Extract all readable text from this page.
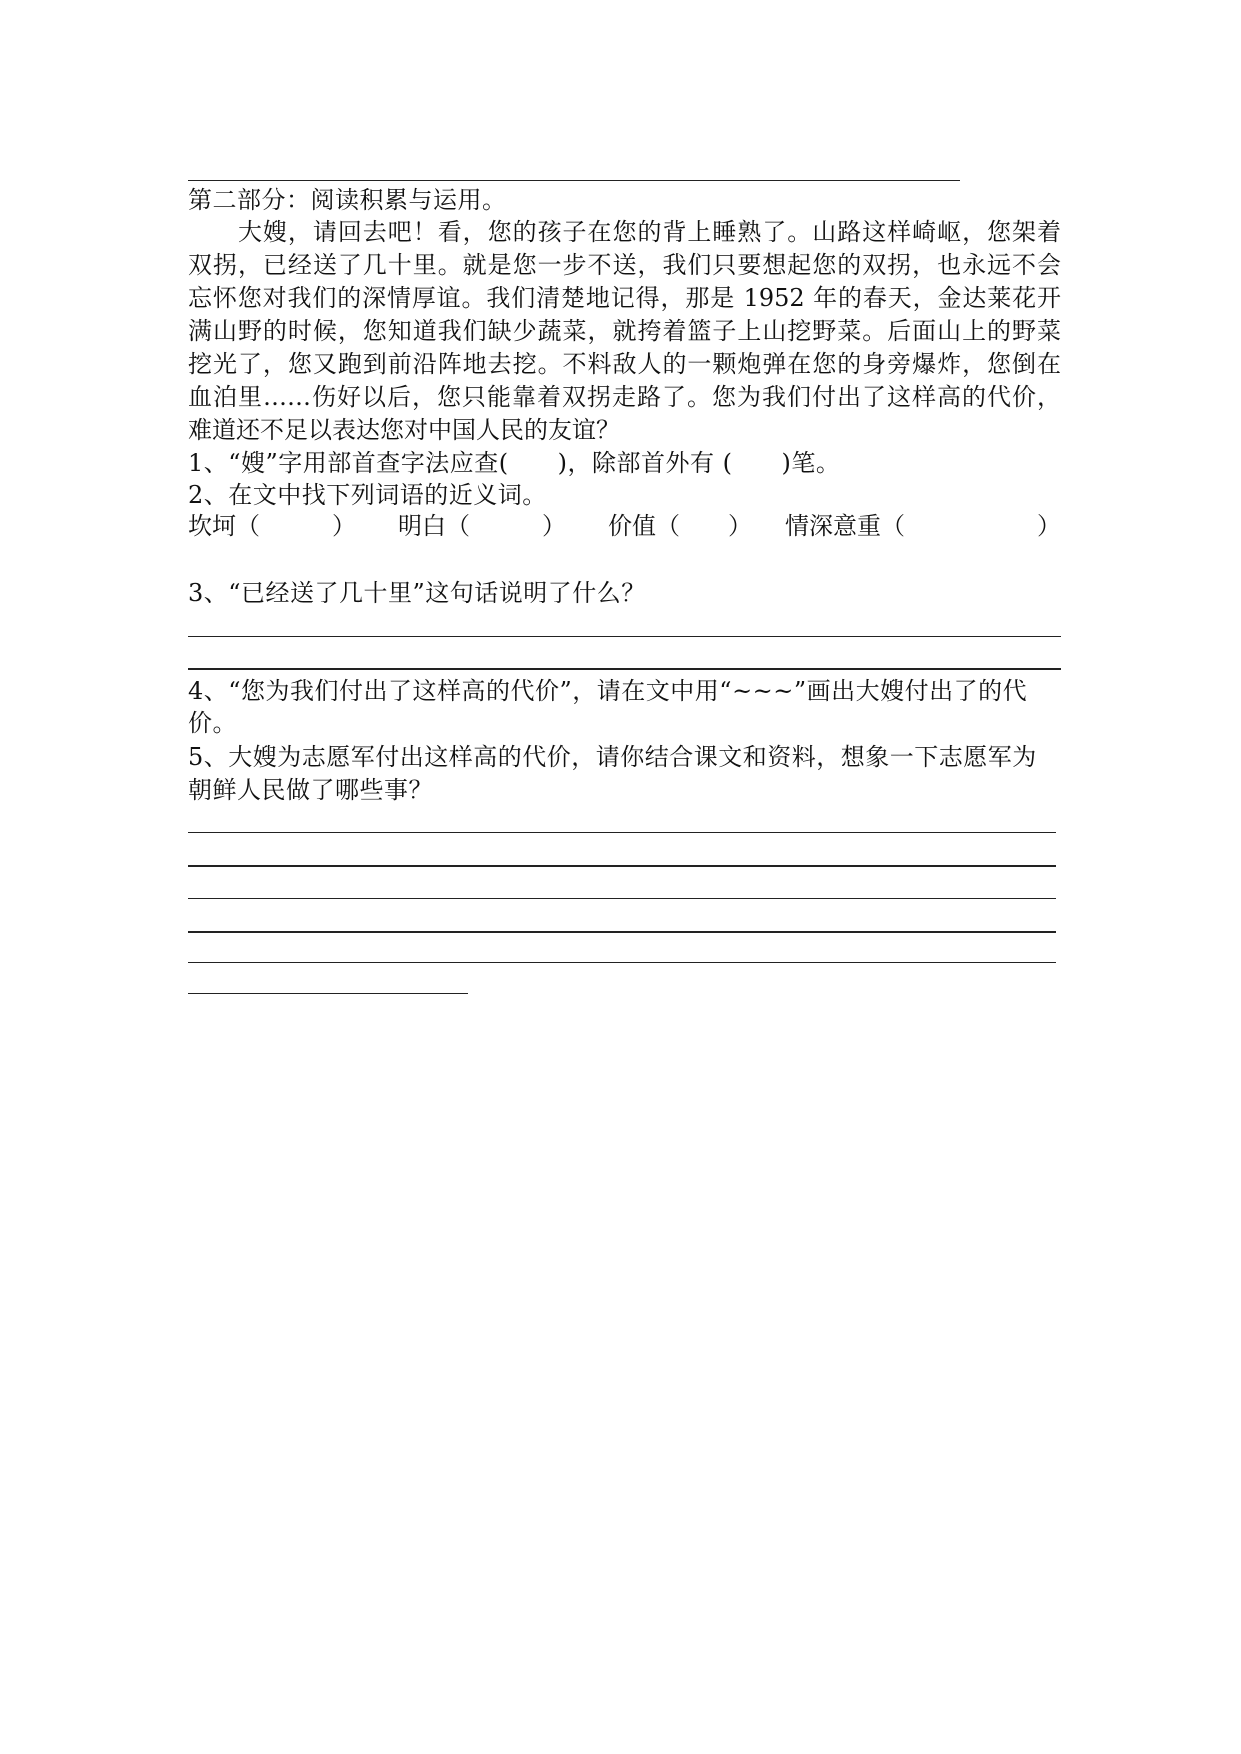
第二部分：阅读积累与运用。
　　大嫂，请回去吧！看，您的孩子在您的背上睡熟了。山路这样崎岖，您架着
双拐，已经送了几十里。就是您一步不送，我们只要想起您的双拐，也永远不会
忘怀您对我们的深情厚谊。我们清楚地记得，那是 1952 年的春天，金达莱花开
满山野的时候，您知道我们缺少蔬菜，就挎着篮子上山挖野菜。后面山上的野菜
挖光了，您又跑到前沿阵地去挖。不料敌人的一颗炮弹在您的身旁爆炸，您倒在
血泊里……伤好以后，您只能靠着双拐走路了。您为我们付出了这样高的代价，
难道还不足以表达您对中国人民的友谊？
1、“嫂”字用部首查字法应查(　　)，除部首外有 (　　)笔。
2、在文中找下列词语的近义词。
坎坷（　　　） 明白（　　　） 价值（　　） 情深意重（	）
3、“已经送了几十里”这句话说明了什么？
4、“您为我们付出了这样高的代价”，请在文中用“~~~”画出大嫂付出了的代
价。
5、大嫂为志愿军付出这样高的代价，请你结合课文和资料，想象一下志愿军为
朝鲜人民做了哪些事？
